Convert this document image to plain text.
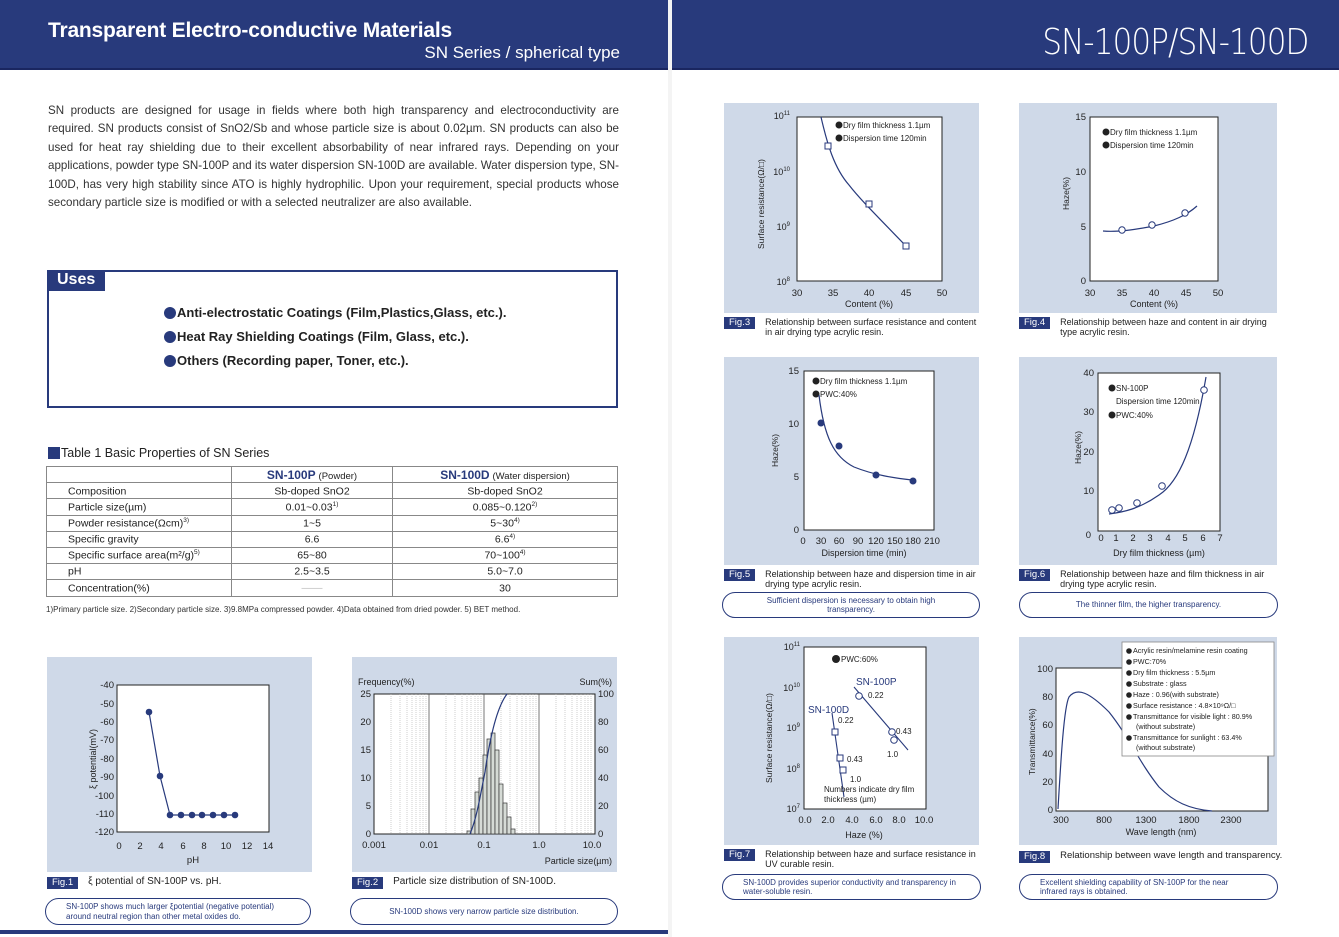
Transparent Electro-conductive Materials
SN Series / spherical type	SN-100P/SN-100D

SN products are designed for usage in fields where both high transparency and electroconductivity are required. SN products consist of SnO2/Sb and whose particle size is about 0.02µm. SN products can also be used for heat ray shielding due to their excellent absorbability of near infrared rays. Depending on your applications, powder type SN-100P and its water dispersion SN-100D are available. Water dispersion type, SN-100D, has very high stability since ATO is highly hydrophilic. Upon your requirement, special products whose secondary particle size is modified or with a selected neutralizer are also available.

Uses
Anti-electrostatic Coatings (Film,Plastics,Glass, etc.).
Heat Ray Shielding Coatings (Film, Glass, etc.).
Others (Recording paper, Toner, etc.).
Table 1 Basic Properties of SN Series
	SN-100P (Powder)	SN-100D (Water dispersion)
Composition	Sb-doped SnO2	Sb-doped SnO2
Particle size(µm)	0.01~0.03$^{1)}$	0.085~0.120$^{2)}$
Powder $resistance(\Omega cm)^{3)}$	1~5	5~30$^{4)}$
Specific gravity	6.6	6.6$^{4)}$
Specific surface $area(m^2/g)^{5)}$	65~80	70~100$^{4)}$
pH	2.5~3.5	5.0~7.0
Concentration(%)	——	30
1)Primary particle size. 2)Secondary particle size. 3)9.8MPa compressed powder. 4)Data obtained from dried powder. 5) BET method.
-40
-50
-60
-70
-80
-90
-100
-110
-120
0 2 4 6 8 10 12 14
pH
ξ potential(mV)
Fig.1	ξ potential of SN-100P vs. pH.
SN-100P shows much larger ξpotential (negative potential) around neutral region than other metal oxides do.
Frequency(%)	Sum(%)
25
20
15
10
5
0
100
80
60
40
20
0
0.001	0.01	0.1	1.0	10.0
Particle size(µm)
Fig.2	Particle size distribution of SN-100D.
SN-100D shows very narrow particle size distribution.
$10^{11}$
$10^{10}$
$10^9$
$10^8$
30	35	40	45	50
Content (%)
Surface resistance(Ω/□)
Dry film thickness 1.1µm
Dispersion time 120min
Fig.3	Relationship between surface resistance and content in air drying type acrylic resin.
15
10
5
0
30 35 40 45 50
Content (%)
Haze(%)
Dry film thickness 1.1µm
Dispersion time 120min
Fig.4	Relationship between haze and content in air drying type acrylic resin.
15
10
5
0
0 30 60 90 120 150 180 210
Dispersion time (min)
Haze(%)
Dry film thickness 1.1µm
PWC:40%
Fig.5	Relationship between haze and dispersion time in air drying type acrylic resin.
Sufficient dispersion is necessary to obtain high transparency.
40
30
20
10
0 0 1 2 3 4 5 6 7
Dry film thickness (µm)
Haze(%)
SN-100P
Dispersion time 120min
PWC:40%
Fig.6	Relationship between haze and film thickness in air drying type acrylic resin.
The thinner film, the higher transparency.
$10^{11}$
$10^{10}$
$10^9$
$10^8$
$10^7$
0.0 2.0 4.0 6.0 8.0 10.0
Haze (%)
Surface resistance(Ω/□)
PWC:60%
SN-100P
SN-100D
0.22
0.43
1.0
0.22
0.43
1.0
Numbers indicate dry film
thickness (µm)
Fig.7	Relationship between haze and surface resistance in UV curable resin.
SN-100D provides superior conductivity and transparency in water-soluble resin.
100
80
60
40
20
0
300	800 1300 1800 2300
Wave length (nm)
Transmittance(%)
Acrylic resin/melamine resin coating
PWC:70%
Dry film thickness : 5.5µm
Substrate : glass
Haze : 0.96(with substrate)
Surface resistance : 4.8×10⁹Ω/□
Transmittance for visible light : 80.9%
(without substrate)
Transmittance for sunlight : 63.4%
(without substrate)
Fig.8	Relationship between wave length and transparency.
Excellent shielding capability of SN-100P for the near infrared rays is obtained.
